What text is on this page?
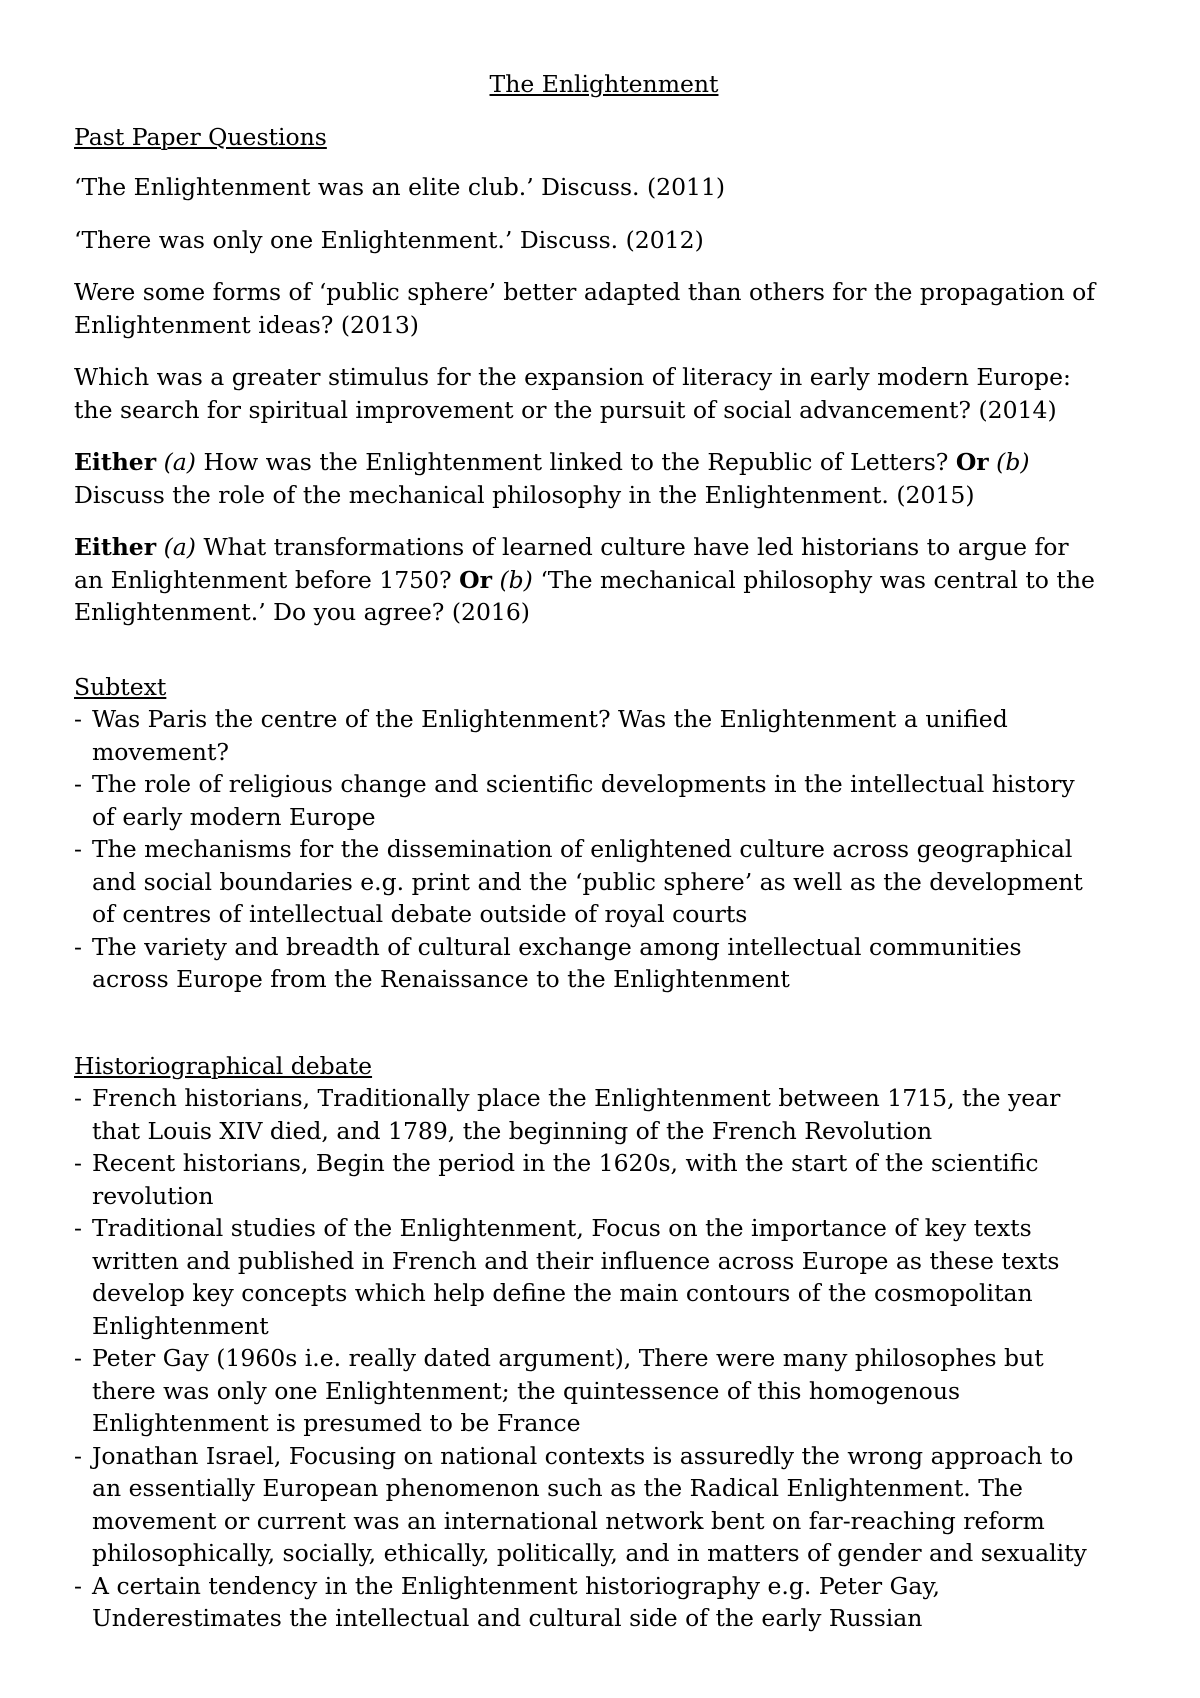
The Enlightenment
Past Paper Questions
‘The Enlightenment was an elite club.’ Discuss. (2011)
‘There was only one Enlightenment.’ Discuss. (2012)
Were some forms of ‘public sphere’ better adapted than others for the propagation of
Enlightenment ideas? (2013)
Which was a greater stimulus for the expansion of literacy in early modern Europe:
the search for spiritual improvement or the pursuit of social advancement? (2014)
Either (a) How was the Enlightenment linked to the Republic of Letters? Or (b)
Discuss the role of the mechanical philosophy in the Enlightenment. (2015)
Either (a) What transformations of learned culture have led historians to argue for
an Enlightenment before 1750? Or (b) ‘The mechanical philosophy was central to the
Enlightenment.’ Do you agree? (2016)
Subtext
- Was Paris the centre of the Enlightenment? Was the Enlightenment a unified
movement?
- The role of religious change and scientific developments in the intellectual history
of early modern Europe
- The mechanisms for the dissemination of enlightened culture across geographical
and social boundaries e.g. print and the ‘public sphere’ as well as the development
of centres of intellectual debate outside of royal courts
- The variety and breadth of cultural exchange among intellectual communities
across Europe from the Renaissance to the Enlightenment
Historiographical debate
- French historians, Traditionally place the Enlightenment between 1715, the year
that Louis XIV died, and 1789, the beginning of the French Revolution
- Recent historians, Begin the period in the 1620s, with the start of the scientific
revolution
- Traditional studies of the Enlightenment, Focus on the importance of key texts
written and published in French and their influence across Europe as these texts
develop key concepts which help define the main contours of the cosmopolitan
Enlightenment
- Peter Gay (1960s i.e. really dated argument), There were many philosophes but
there was only one Enlightenment; the quintessence of this homogenous
Enlightenment is presumed to be France
- Jonathan Israel, Focusing on national contexts is assuredly the wrong approach to
an essentially European phenomenon such as the Radical Enlightenment. The
movement or current was an international network bent on far-reaching reform
philosophically, socially, ethically, politically, and in matters of gender and sexuality
- A certain tendency in the Enlightenment historiography e.g. Peter Gay,
Underestimates the intellectual and cultural side of the early Russian
